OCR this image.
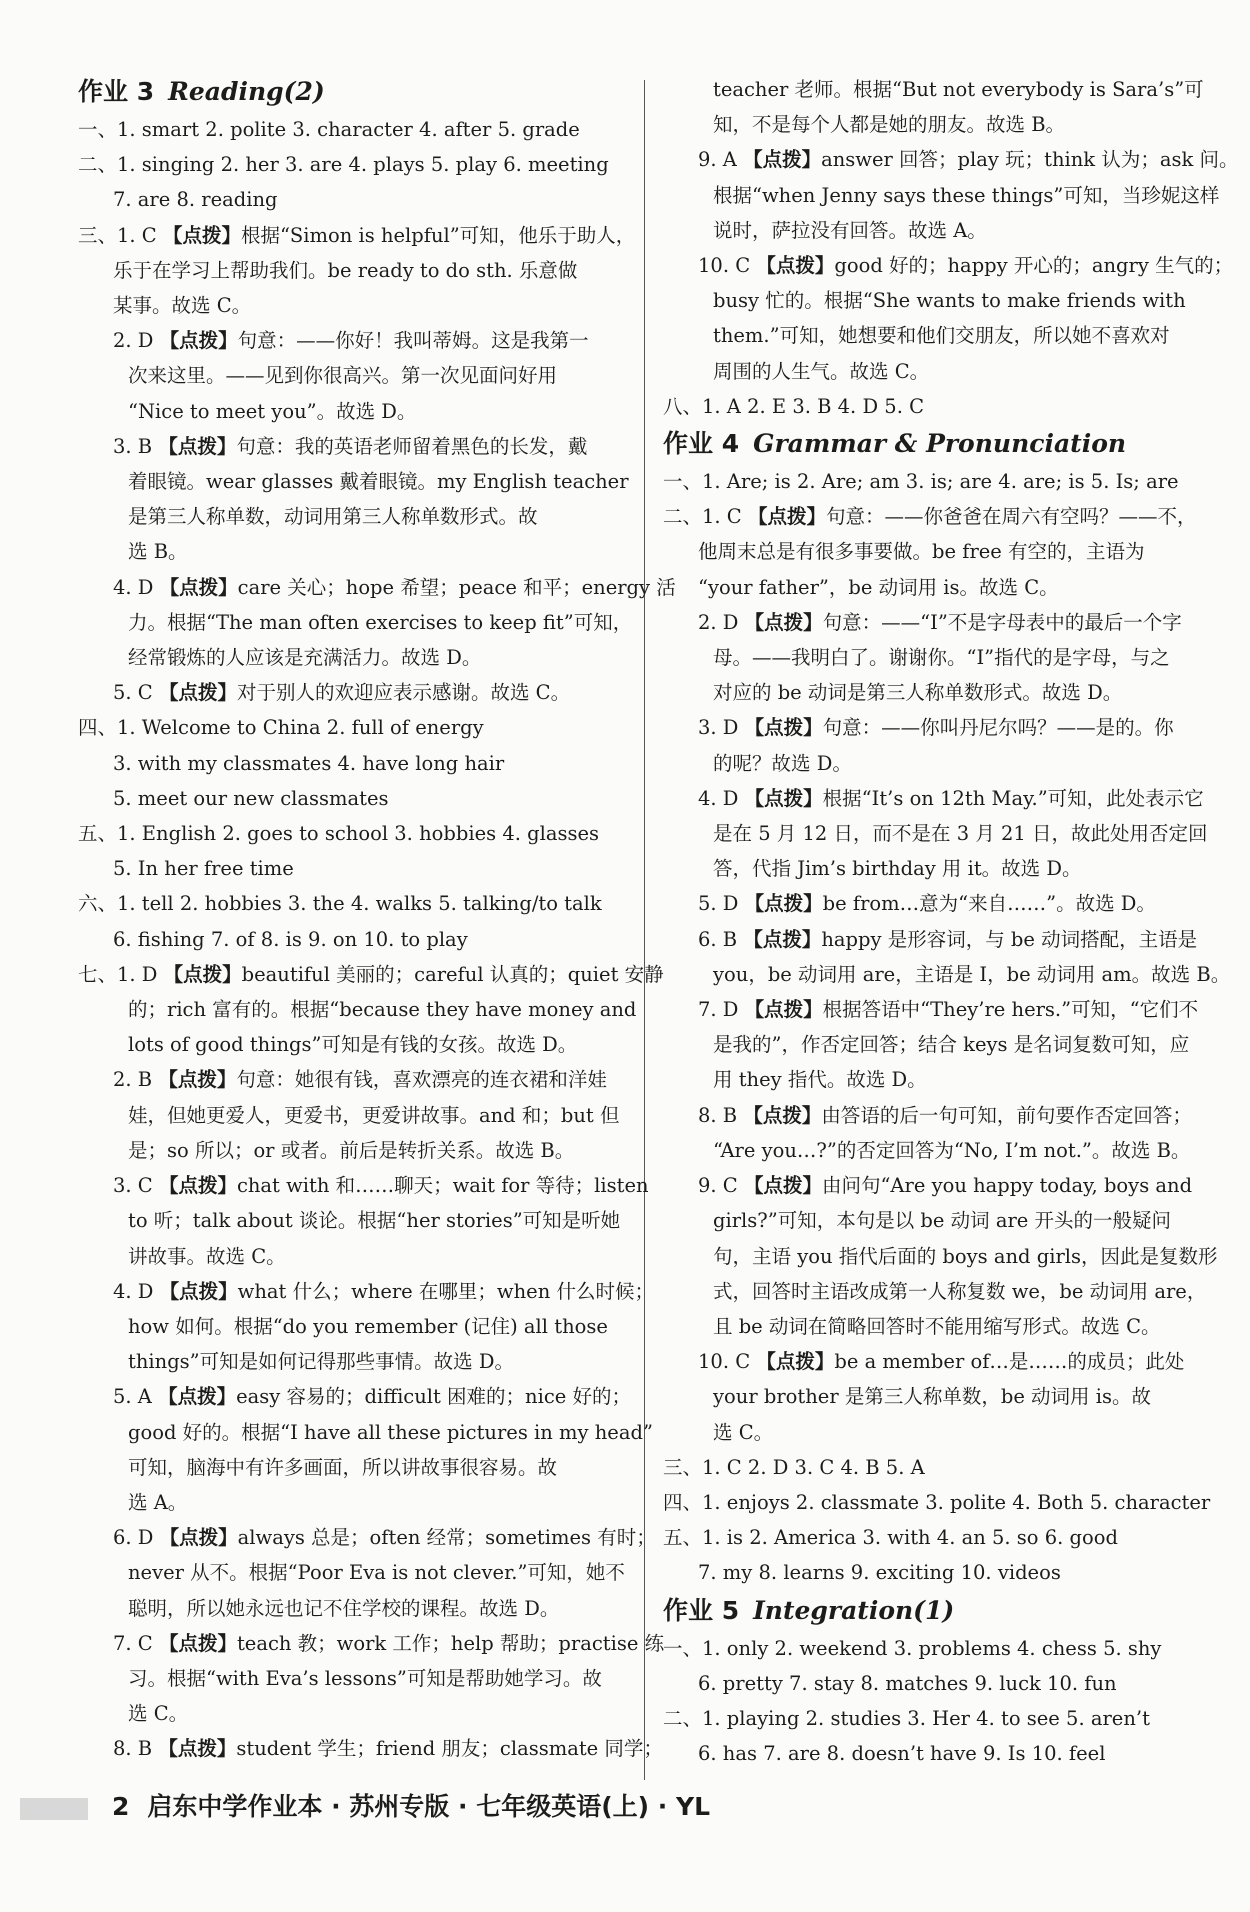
作业 3 Reading(2)
一、1. smart 2. polite 3. character 4. after 5. grade
二、1. singing 2. her 3. are 4. plays 5. play 6. meeting
7. are 8. reading
三、1. C 【点拨】根据“Simon is helpful”可知，他乐于助人，
乐于在学习上帮助我们。be ready to do sth. 乐意做
某事。故选 C。
2. D 【点拨】句意：——你好！我叫蒂姆。这是我第一
次来这里。——见到你很高兴。第一次见面问好用
“Nice to meet you”。故选 D。
3. B 【点拨】句意：我的英语老师留着黑色的长发，戴
着眼镜。wear glasses 戴着眼镜。my English teacher
是第三人称单数，动词用第三人称单数形式。故
选 B。
4. D 【点拨】care 关心；hope 希望；peace 和平；energy 活
力。根据“The man often exercises to keep fit”可知，
经常锻炼的人应该是充满活力。故选 D。
5. C 【点拨】对于别人的欢迎应表示感谢。故选 C。
四、1. Welcome to China 2. full of energy
3. with my classmates 4. have long hair
5. meet our new classmates
五、1. English 2. goes to school 3. hobbies 4. glasses
5. In her free time
六、1. tell 2. hobbies 3. the 4. walks 5. talking/to talk
6. fishing 7. of 8. is 9. on 10. to play
七、1. D 【点拨】beautiful 美丽的；careful 认真的；quiet 安静
的；rich 富有的。根据“because they have money and
lots of good things”可知是有钱的女孩。故选 D。
2. B 【点拨】句意：她很有钱，喜欢漂亮的连衣裙和洋娃
娃，但她更爱人，更爱书，更爱讲故事。and 和；but 但
是；so 所以；or 或者。前后是转折关系。故选 B。
3. C 【点拨】chat with 和……聊天；wait for 等待；listen
to 听；talk about 谈论。根据“her stories”可知是听她
讲故事。故选 C。
4. D 【点拨】what 什么；where 在哪里；when 什么时候；
how 如何。根据“do you remember (记住) all those
things”可知是如何记得那些事情。故选 D。
5. A 【点拨】easy 容易的；difficult 困难的；nice 好的；
good 好的。根据“I have all these pictures in my head”
可知，脑海中有许多画面，所以讲故事很容易。故
选 A。
6. D 【点拨】always 总是；often 经常；sometimes 有时；
never 从不。根据“Poor Eva is not clever.”可知，她不
聪明，所以她永远也记不住学校的课程。故选 D。
7. C 【点拨】teach 教；work 工作；help 帮助；practise 练
习。根据“with Eva’s lessons”可知是帮助她学习。故
选 C。
8. B 【点拨】student 学生；friend 朋友；classmate 同学；
teacher 老师。根据“But not everybody is Sara’s”可
知，不是每个人都是她的朋友。故选 B。
9. A 【点拨】answer 回答；play 玩；think 认为；ask 问。
根据“when Jenny says these things”可知，当珍妮这样
说时，萨拉没有回答。故选 A。
10. C 【点拨】good 好的；happy 开心的；angry 生气的；
busy 忙的。根据“She wants to make friends with
them.”可知，她想要和他们交朋友，所以她不喜欢对
周围的人生气。故选 C。
八、1. A 2. E 3. B 4. D 5. C
作业 4 Grammar & Pronunciation
一、1. Are; is 2. Are; am 3. is; are 4. are; is 5. Is; are
二、1. C 【点拨】句意：——你爸爸在周六有空吗？——不，
他周末总是有很多事要做。be free 有空的，主语为
“your father”，be 动词用 is。故选 C。
2. D 【点拨】句意：——“I”不是字母表中的最后一个字
母。——我明白了。谢谢你。“I”指代的是字母，与之
对应的 be 动词是第三人称单数形式。故选 D。
3. D 【点拨】句意：——你叫丹尼尔吗？——是的。你
的呢？故选 D。
4. D 【点拨】根据“It’s on 12th May.”可知，此处表示它
是在 5 月 12 日，而不是在 3 月 21 日，故此处用否定回
答，代指 Jim’s birthday 用 it。故选 D。
5. D 【点拨】be from…意为“来自……”。故选 D。
6. B 【点拨】happy 是形容词，与 be 动词搭配，主语是
you，be 动词用 are，主语是 I，be 动词用 am。故选 B。
7. D 【点拨】根据答语中“They’re hers.”可知，“它们不
是我的”，作否定回答；结合 keys 是名词复数可知，应
用 they 指代。故选 D。
8. B 【点拨】由答语的后一句可知，前句要作否定回答；
“Are you…?”的否定回答为“No, I’m not.”。故选 B。
9. C 【点拨】由问句“Are you happy today, boys and
girls?”可知，本句是以 be 动词 are 开头的一般疑问
句，主语 you 指代后面的 boys and girls，因此是复数形
式，回答时主语改成第一人称复数 we，be 动词用 are，
且 be 动词在简略回答时不能用缩写形式。故选 C。
10. C 【点拨】be a member of…是……的成员；此处
your brother 是第三人称单数，be 动词用 is。故
选 C。
三、1. C 2. D 3. C 4. B 5. A
四、1. enjoys 2. classmate 3. polite 4. Both 5. character
五、1. is 2. America 3. with 4. an 5. so 6. good
7. my 8. learns 9. exciting 10. videos
作业 5 Integration(1)
一、1. only 2. weekend 3. problems 4. chess 5. shy
6. pretty 7. stay 8. matches 9. luck 10. fun
二、1. playing 2. studies 3. Her 4. to see 5. aren’t
6. has 7. are 8. doesn’t have 9. Is 10. feel
2 启东中学作业本 · 苏州专版 · 七年级英语(上) · YL
